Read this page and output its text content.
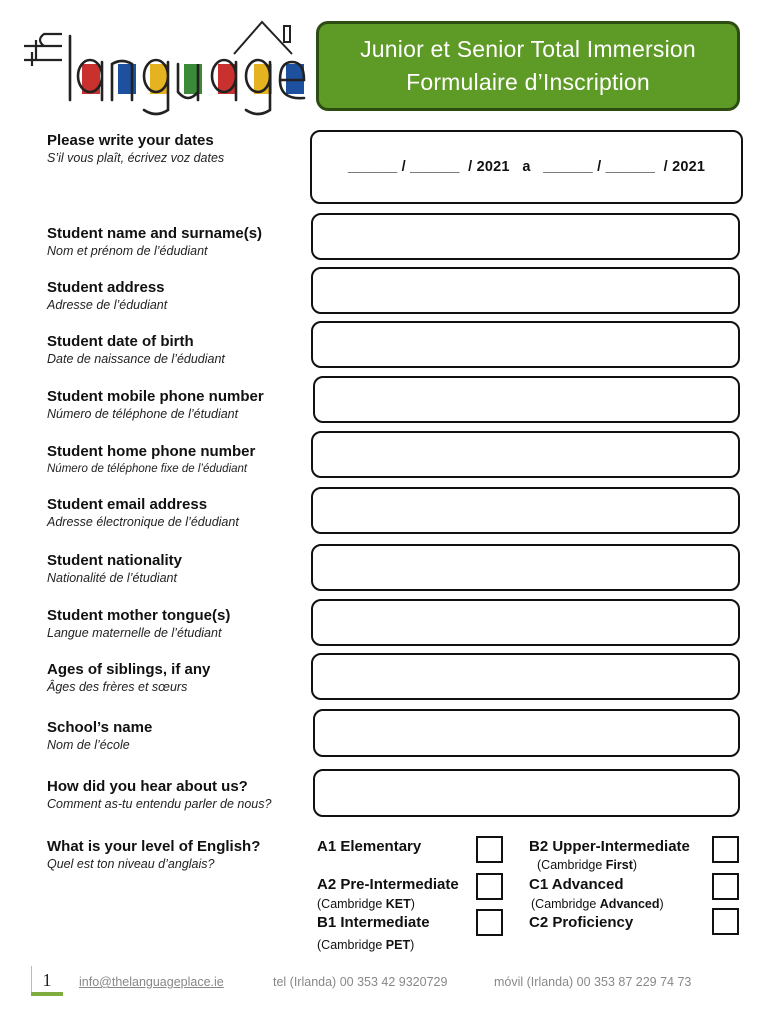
Junior et Senior Total Immersion
Formulaire d’Inscription
Please write your dates
S’il vous plaît, écrivez voz dates
______ / ______  / 2021   a   ______ / ______  / 2021
Student name and surname(s)
Nom et prénom de l’édudiant
Student address
Adresse de l’édudiant
Student date of birth
Date de naissance de l’édudiant
Student mobile phone number
Número de téléphone de l’étudiant
Student home phone number
Número de téléphone fixe de l’édudiant
Student email address
Adresse électronique de l’édudiant
Student nationality
Nationalité de l’étudiant
Student mother tongue(s)
Langue maternelle de l’étudiant
Ages of siblings, if any
Âges des frères et sœurs
School’s name
Nom de l’école
How did you hear about us?
Comment as-tu entendu parler de nous?
What is your level of English?
Quel est ton niveau d’anglais?
A1 Elementary
A2 Pre-Intermediate
(Cambridge KET)
B1 Intermediate
(Cambridge PET)
B2 Upper-Intermediate
(Cambridge First)
C1 Advanced
(Cambridge Advanced)
C2 Proficiency
1	info@thelanguageplace.ie	tel (Irlanda) 00 353 42 9320729	móvil (Irlanda) 00 353 87 229 74 73
